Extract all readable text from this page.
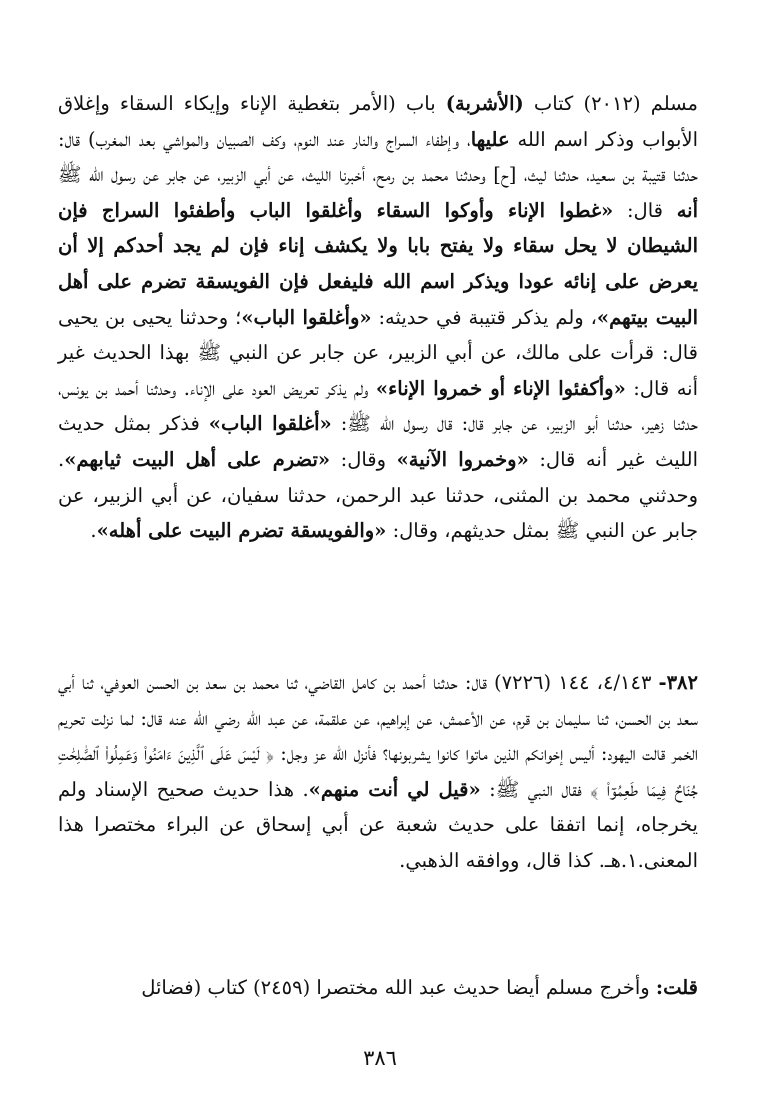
مسلم (٢٠١٢) كتاب (الأشربة) باب (الأمر بتغطية الإناء وإيكاء السقاء وإغلاق الأبواب وذكر اسم الله عليها، وإطفاء السراج والنار عند النوم، وكف الصبيان والمواشي بعد المغرب) قال: حدثنا قتيبة بن سعيد، حدثنا ليث، [ح] وحدثنا محمد بن رمح، أخبرنا الليث، عن أبي الزبير، عن جابر عن رسول الله ﷺ أنه قال: «غطوا الإناء وأوكوا السقاء وأغلقوا الباب وأطفئوا السراج فإن الشيطان لا يحل سقاء ولا يفتح بابا ولا يكشف إناء فإن لم يجد أحدكم إلا أن يعرض على إنائه عودا ويذكر اسم الله فليفعل فإن الفويسقة تضرم على أهل البيت بيتهم»، ولم يذكر قتيبة في حديثه: «وأغلقوا الباب»؛ وحدثنا يحيى بن يحيى قال: قرأت على مالك، عن أبي الزبير، عن جابر عن النبي ﷺ بهذا الحديث غير أنه قال: «وأكفئوا الإناء أو خمروا الإناء» ولم يذكر تعريض العود على الإناء. وحدثنا أحمد بن يونس، حدثنا زهير، حدثنا أبو الزبير، عن جابر قال: قال رسول الله ﷺ: «أغلقوا الباب» فذكر بمثل حديث الليث غير أنه قال: «وخمروا الآنية» وقال: «تضرم على أهل البيت ثيابهم». وحدثني محمد بن المثنى، حدثنا عبد الرحمن، حدثنا سفيان، عن أبي الزبير، عن جابر عن النبي ﷺ بمثل حديثهم، وقال: «والفويسقة تضرم البيت على أهله».
٣٨٢- ٤/١٤٣، ١٤٤ (٧٢٢٦) قال: حدثنا أحمد بن كامل القاضي، ثنا محمد بن سعد بن الحسن العوفي، ثنا أبي سعد بن الحسن، ثنا سليمان بن قرم، عن الأعمش، عن إبراهيم، عن علقمة، عن عبد الله رضي الله عنه قال: لما نزلت تحريم الخمر قالت اليهود: أليس إخوانكم الذين ماتوا كانوا يشربونها؟ فأنزل الله عز وجل: ﴿ لَيْسَ عَلَى ٱلَّذِينَ ءَامَنُوا۟ وَعَمِلُوا۟ ٱلصَّٰلِحَٰتِ جُنَاحٌ فِيمَا طَعِمُوٓا۟ ﴾ فقال النبي ﷺ: «قيل لي أنت منهم». هذا حديث صحيح الإسناد ولم يخرجاه، إنما اتفقا على حديث شعبة عن أبي إسحاق عن البراء مختصرا هذا المعنى.١.هـ. كذا قال، ووافقه الذهبي.
قلت: وأخرج مسلم أيضا حديث عبد الله مختصرا (٢٤٥٩) كتاب (فضائل
٣٨٦
